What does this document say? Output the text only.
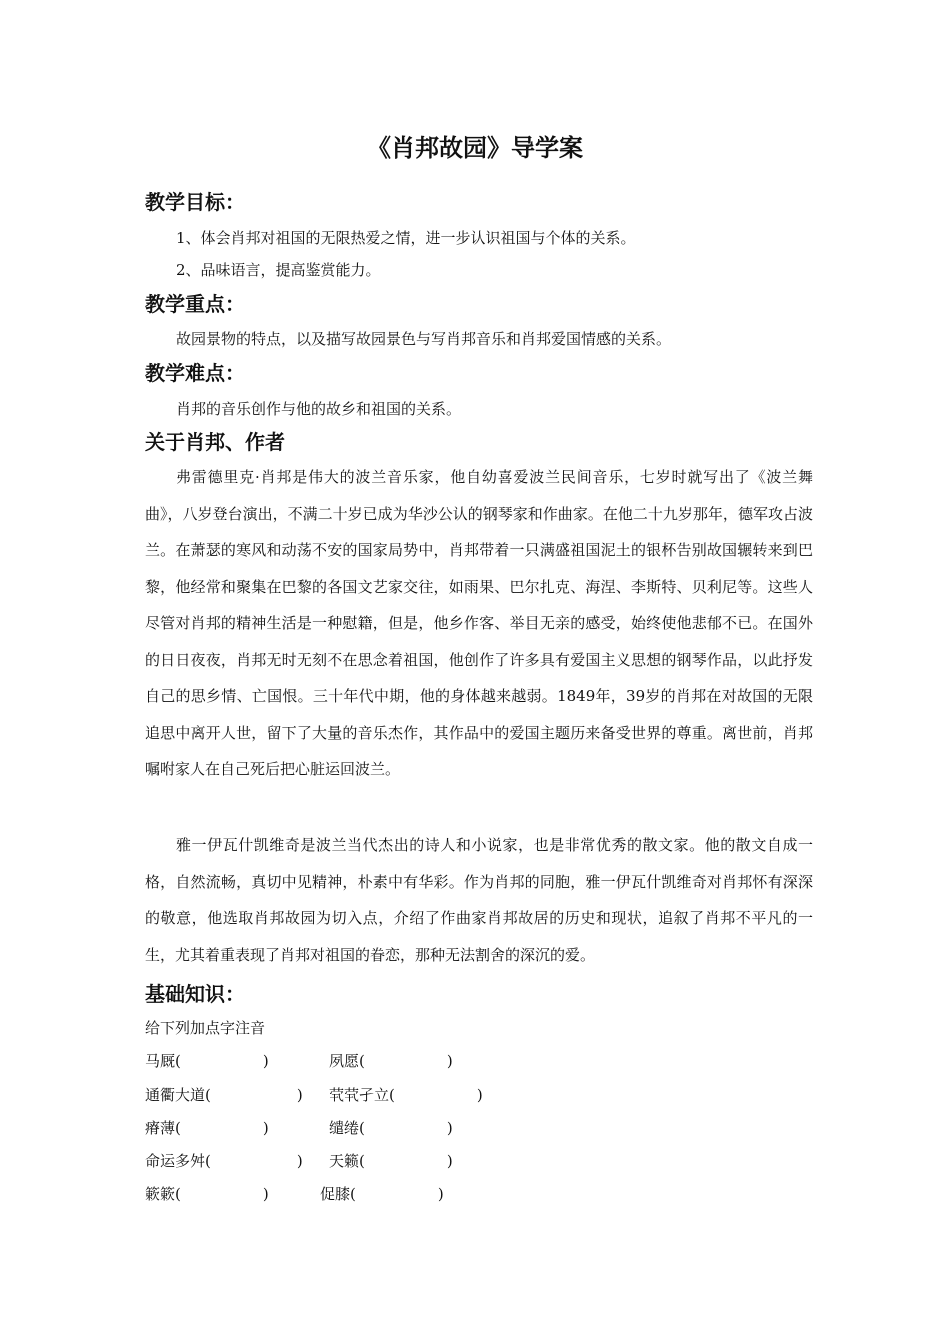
《肖邦故园》导学案
教学目标：
1、体会肖邦对祖国的无限热爱之情，进一步认识祖国与个体的关系。
2、品味语言，提高鉴赏能力。
教学重点：
故园景物的特点，以及描写故园景色与写肖邦音乐和肖邦爱国情感的关系。
教学难点：
肖邦的音乐创作与他的故乡和祖国的关系。
关于肖邦、作者
弗雷德里克·肖邦是伟大的波兰音乐家，他自幼喜爱波兰民间音乐，七岁时就写出了《波兰舞曲》，八岁登台演出，不满二十岁已成为华沙公认的钢琴家和作曲家。在他二十九岁那年，德军攻占波兰。在萧瑟的寒风和动荡不安的国家局势中，肖邦带着一只满盛祖国泥土的银杯告别故国辗转来到巴黎，他经常和聚集在巴黎的各国文艺家交往，如雨果、巴尔扎克、海涅、李斯特、贝利尼等。这些人尽管对肖邦的精神生活是一种慰籍，但是，他乡作客、举目无亲的感受，始终使他悲郁不已。在国外的日日夜夜，肖邦无时无刻不在思念着祖国，他创作了许多具有爱国主义思想的钢琴作品，以此抒发自己的思乡情、亡国恨。三十年代中期，他的身体越来越弱。1849年，39岁的肖邦在对故国的无限追思中离开人世，留下了大量的音乐杰作，其作品中的爱国主题历来备受世界的尊重。离世前，肖邦嘱咐家人在自己死后把心脏运回波兰。
雅一伊瓦什凯维奇是波兰当代杰出的诗人和小说家，也是非常优秀的散文家。他的散文自成一格，自然流畅，真切中见精神，朴素中有华彩。作为肖邦的同胞，雅一伊瓦什凯维奇对肖邦怀有深深的敬意，他选取肖邦故园为切入点，介绍了作曲家肖邦故居的历史和现状，追叙了肖邦不平凡的一生，尤其着重表现了肖邦对祖国的眷恋，那种无法割舍的深沉的爱。
基础知识：
给下列加点字注音
马厩(	)	夙愿(	)
通衢大道(	) 茕茕孑立(	)
瘠薄(	)	缱绻(	)
命运多舛(	) 天籁(	)
簌簌(	)	促膝(	)
